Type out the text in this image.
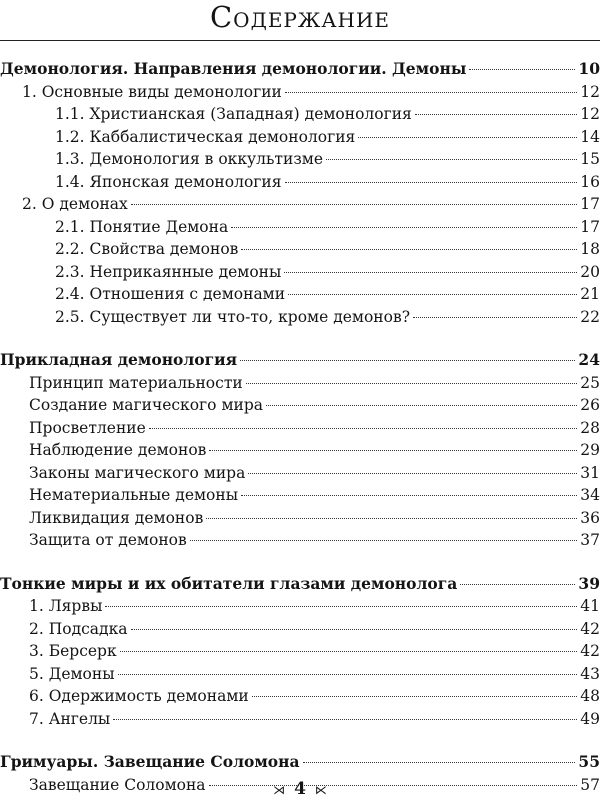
Содержание
Демонология. Направления демонологии. Демоны	10
1. Основные виды демонологии	12
1.1. Христианская (Западная) демонология	12
1.2. Каббалистическая демонология	14
1.3. Демонология в оккультизме	15
1.4. Японская демонология	16
2. О демонах	17
2.1. Понятие Демона	17
2.2. Свойства демонов	18
2.3. Неприкаянные демоны	20
2.4. Отношения с демонами	21
2.5. Существует ли что-то, кроме демонов?	22
Прикладная демонология	24
Принцип материальности	25
Создание магического мира	26
Просветление	28
Наблюдение демонов	29
Законы магического мира	31
Нематериальные демоны	34
Ликвидация демонов	36
Защита от демонов	37
Тонкие миры и их обитатели глазами демонолога	39
1. Лярвы	41
2. Подсадка	42
3. Берсерк	42
5. Демоны	43
6. Одержимость демонами	48
7. Ангелы	49
Гримуары. Завещание Соломона	55
Завещание Соломона	57
⋊ 4 ⋉
